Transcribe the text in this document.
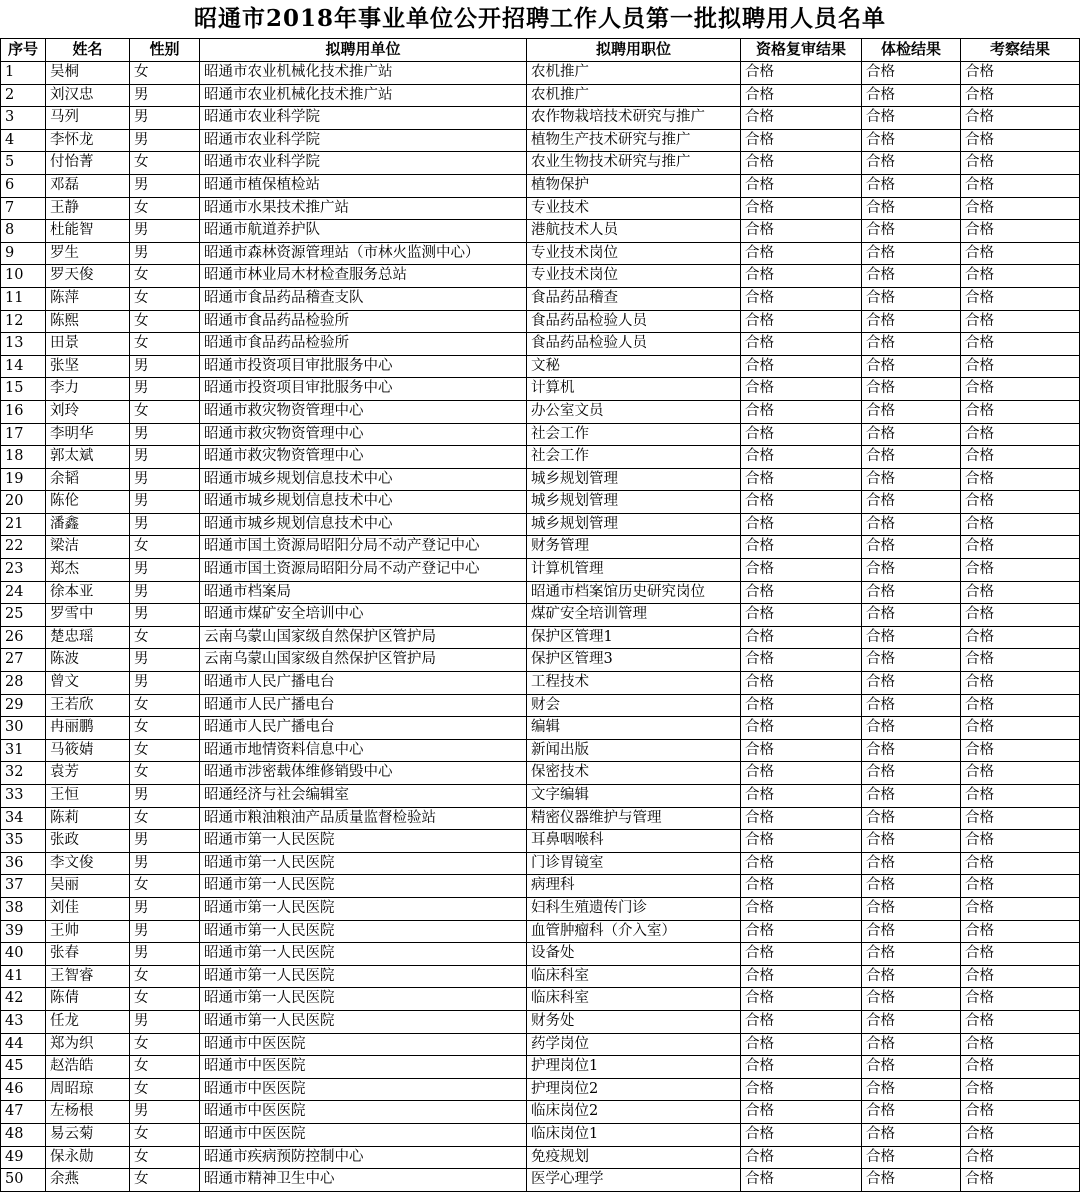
昭通市2018年事业单位公开招聘工作人员第一批拟聘用人员名单
序号	姓名	性别	拟聘用单位	拟聘用职位	资格复审结果	体检结果	考察结果
1	吴桐	女	昭通市农业机械化技术推广站	农机推广	合格	合格	合格
2	刘汉忠	男	昭通市农业机械化技术推广站	农机推广	合格	合格	合格
3	马列	男	昭通市农业科学院	农作物栽培技术研究与推广	合格	合格	合格
4	李怀龙	男	昭通市农业科学院	植物生产技术研究与推广	合格	合格	合格
5	付怡菁	女	昭通市农业科学院	农业生物技术研究与推广	合格	合格	合格
6	邓磊	男	昭通市植保植检站	植物保护	合格	合格	合格
7	王静	女	昭通市水果技术推广站	专业技术	合格	合格	合格
8	杜能智	男	昭通市航道养护队	港航技术人员	合格	合格	合格
9	罗生	男	昭通市森林资源管理站（市林火监测中心）	专业技术岗位	合格	合格	合格
10	罗天俊	女	昭通市林业局木材检查服务总站	专业技术岗位	合格	合格	合格
11	陈萍	女	昭通市食品药品稽查支队	食品药品稽查	合格	合格	合格
12	陈熙	女	昭通市食品药品检验所	食品药品检验人员	合格	合格	合格
13	田景	女	昭通市食品药品检验所	食品药品检验人员	合格	合格	合格
14	张坚	男	昭通市投资项目审批服务中心	文秘	合格	合格	合格
15	李力	男	昭通市投资项目审批服务中心	计算机	合格	合格	合格
16	刘玲	女	昭通市救灾物资管理中心	办公室文员	合格	合格	合格
17	李明华	男	昭通市救灾物资管理中心	社会工作	合格	合格	合格
18	郭太斌	男	昭通市救灾物资管理中心	社会工作	合格	合格	合格
19	余韬	男	昭通市城乡规划信息技术中心	城乡规划管理	合格	合格	合格
20	陈伦	男	昭通市城乡规划信息技术中心	城乡规划管理	合格	合格	合格
21	潘鑫	男	昭通市城乡规划信息技术中心	城乡规划管理	合格	合格	合格
22	梁洁	女	昭通市国土资源局昭阳分局不动产登记中心	财务管理	合格	合格	合格
23	郑杰	男	昭通市国土资源局昭阳分局不动产登记中心	计算机管理	合格	合格	合格
24	徐本亚	男	昭通市档案局	昭通市档案馆历史研究岗位	合格	合格	合格
25	罗雪中	男	昭通市煤矿安全培训中心	煤矿安全培训管理	合格	合格	合格
26	楚忠瑶	女	云南乌蒙山国家级自然保护区管护局	保护区管理1	合格	合格	合格
27	陈波	男	云南乌蒙山国家级自然保护区管护局	保护区管理3	合格	合格	合格
28	曾文	男	昭通市人民广播电台	工程技术	合格	合格	合格
29	王若欣	女	昭通市人民广播电台	财会	合格	合格	合格
30	冉丽鹏	女	昭通市人民广播电台	编辑	合格	合格	合格
31	马筱婧	女	昭通市地情资料信息中心	新闻出版	合格	合格	合格
32	袁芳	女	昭通市涉密载体维修销毁中心	保密技术	合格	合格	合格
33	王恒	男	昭通经济与社会编辑室	文字编辑	合格	合格	合格
34	陈莉	女	昭通市粮油粮油产品质量监督检验站	精密仪器维护与管理	合格	合格	合格
35	张政	男	昭通市第一人民医院	耳鼻咽喉科	合格	合格	合格
36	李文俊	男	昭通市第一人民医院	门诊胃镜室	合格	合格	合格
37	吴丽	女	昭通市第一人民医院	病理科	合格	合格	合格
38	刘佳	男	昭通市第一人民医院	妇科生殖遗传门诊	合格	合格	合格
39	王帅	男	昭通市第一人民医院	血管肿瘤科（介入室）	合格	合格	合格
40	张春	男	昭通市第一人民医院	设备处	合格	合格	合格
41	王智睿	女	昭通市第一人民医院	临床科室	合格	合格	合格
42	陈倩	女	昭通市第一人民医院	临床科室	合格	合格	合格
43	任龙	男	昭通市第一人民医院	财务处	合格	合格	合格
44	郑为织	女	昭通市中医医院	药学岗位	合格	合格	合格
45	赵浩皓	女	昭通市中医医院	护理岗位1	合格	合格	合格
46	周昭琼	女	昭通市中医医院	护理岗位2	合格	合格	合格
47	左杨根	男	昭通市中医医院	临床岗位2	合格	合格	合格
48	易云菊	女	昭通市中医医院	临床岗位1	合格	合格	合格
49	保永勋	女	昭通市疾病预防控制中心	免疫规划	合格	合格	合格
50	余燕	女	昭通市精神卫生中心	医学心理学	合格	合格	合格
